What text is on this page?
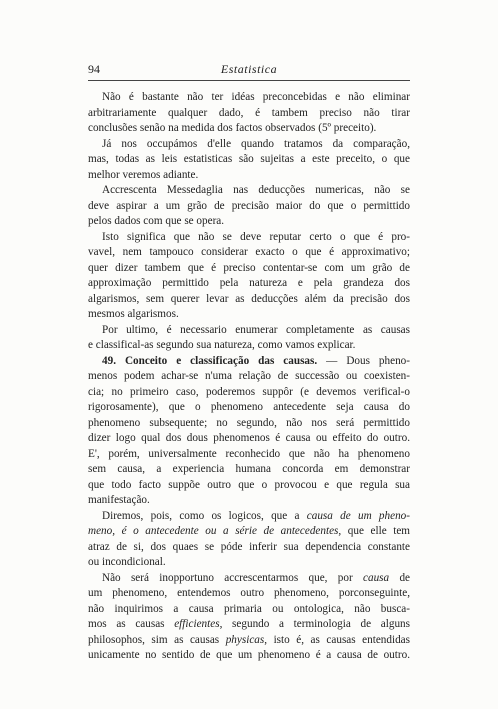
94	Estatistica
Não é bastante não ter idéas preconcebidas e não eliminar
arbitrariamente qualquer dado, é tambem preciso não tirar
conclusões senão na medida dos factos observados (5º preceito).
Já nos occupámos d'elle quando tratamos da comparação,
mas, todas as leis estatisticas são sujeitas a este preceito, o que
melhor veremos adiante.
Accrescenta Messedaglia nas deducções numericas, não se
deve aspirar a um grão de precisão maior do que o permittido
pelos dados com que se opera.
Isto significa que não se deve reputar certo o que é pro-
vavel, nem tampouco considerar exacto o que é approximativo;
quer dizer tambem que é preciso contentar-se com um grão de
approximação permittido pela natureza e pela grandeza dos
algarismos, sem querer levar as deducções além da precisão dos
mesmos algarismos.
Por ultimo, é necessario enumerar completamente as causas
e classifical-as segundo sua natureza, como vamos explicar.
49. Conceito e classificação das causas. — Dous pheno-
menos podem achar-se n'uma relação de successão ou coexisten-
cia; no primeiro caso, poderemos suppôr (e devemos verifical-o
rigorosamente), que o phenomeno antecedente seja causa do
phenomeno subsequente; no segundo, não nos será permittido
dizer logo qual dos dous phenomenos é causa ou effeito do outro.
E', porém, universalmente reconhecido que não ha phenomeno
sem causa, a experiencia humana concorda em demonstrar
que todo facto suppõe outro que o provocou e que regula sua
manifestação.
Diremos, pois, como os logicos, que a causa de um pheno-
meno, é o antecedente ou a série de antecedentes, que elle tem
atraz de si, dos quaes se póde inferir sua dependencia constante
ou incondicional.
Não será inopportuno accrescentarmos que, por causa de
um phenomeno, entendemos outro phenomeno, porconseguinte,
não inquirimos a causa primaria ou ontologica, não busca-
mos as causas efficientes, segundo a terminologia de alguns
philosophos, sim as causas physicas, isto é, as causas entendidas
unicamente no sentido de que um phenomeno é a causa de outro.
